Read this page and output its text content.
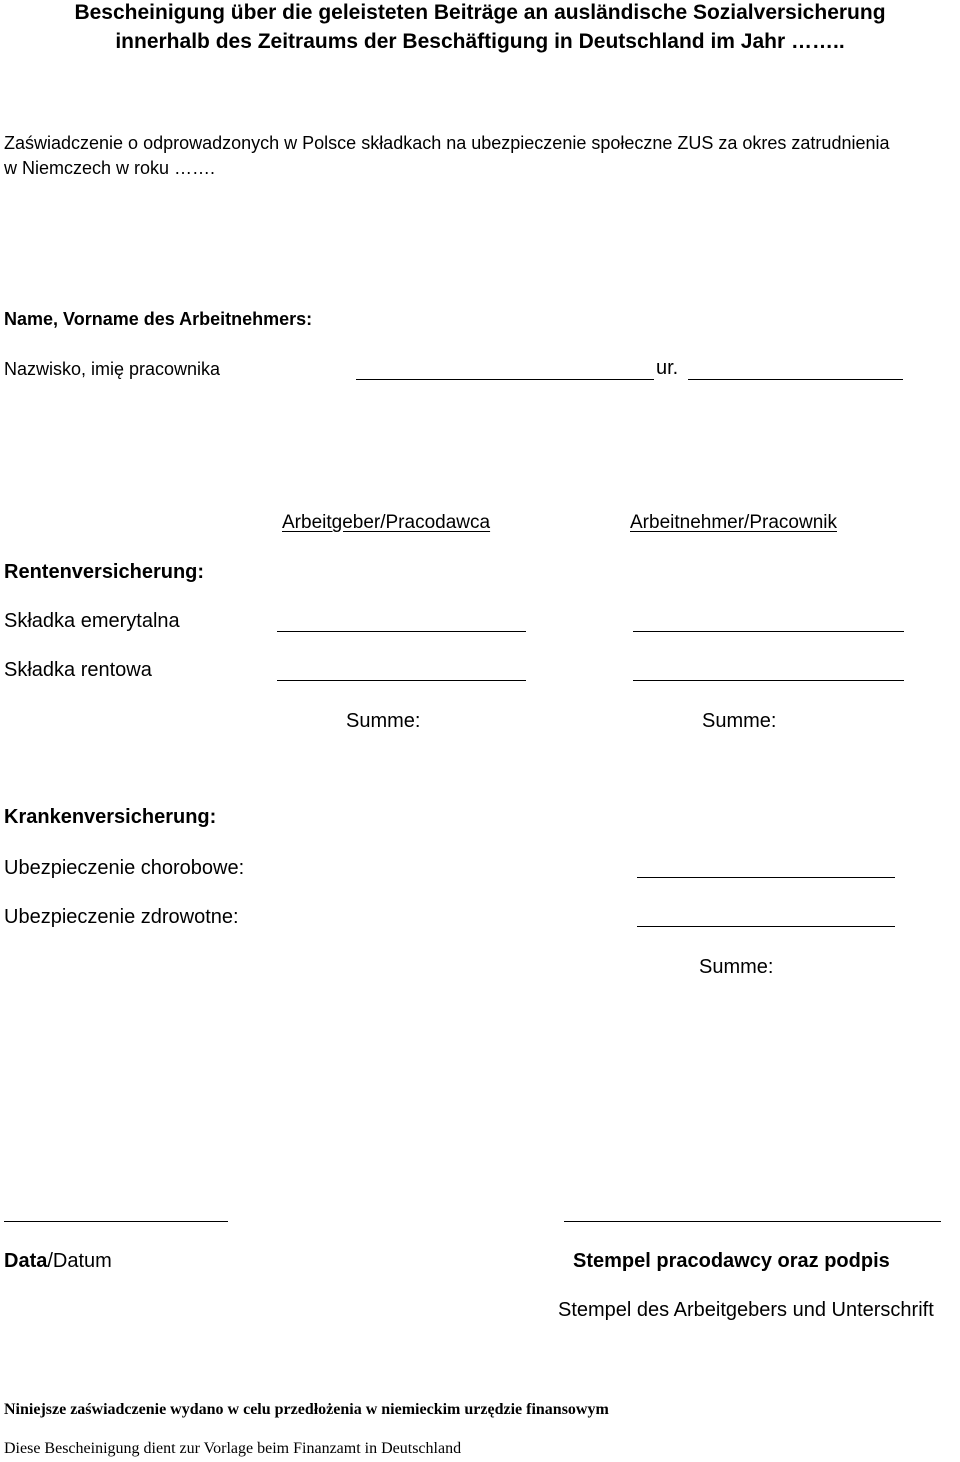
Bescheinigung über die geleisteten Beiträge an ausländische Sozialversicherung
innerhalb des Zeitraums der Beschäftigung in Deutschland im Jahr ……..
Zaświadczenie o odprowadzonych w Polsce składkach na ubezpieczenie społeczne ZUS za okres zatrudnienia
w Niemczech w roku …….
Name, Vorname des Arbeitnehmers:
Nazwisko, imię pracownika	ur.
Arbeitgeber/Pracodawca	Arbeitnehmer/Pracownik
Rentenversicherung:
Składka emerytalna
Składka rentowa
Summe:	Summe:
Krankenversicherung:
Ubezpieczenie chorobowe:
Ubezpieczenie zdrowotne:
Summe:
Data/Datum	Stempel pracodawcy oraz podpis
Stempel des Arbeitgebers und Unterschrift
Niniejsze zaświadczenie wydano w celu przedłożenia w niemieckim urzędzie finansowym
Diese Bescheinigung dient zur Vorlage beim Finanzamt in Deutschland
